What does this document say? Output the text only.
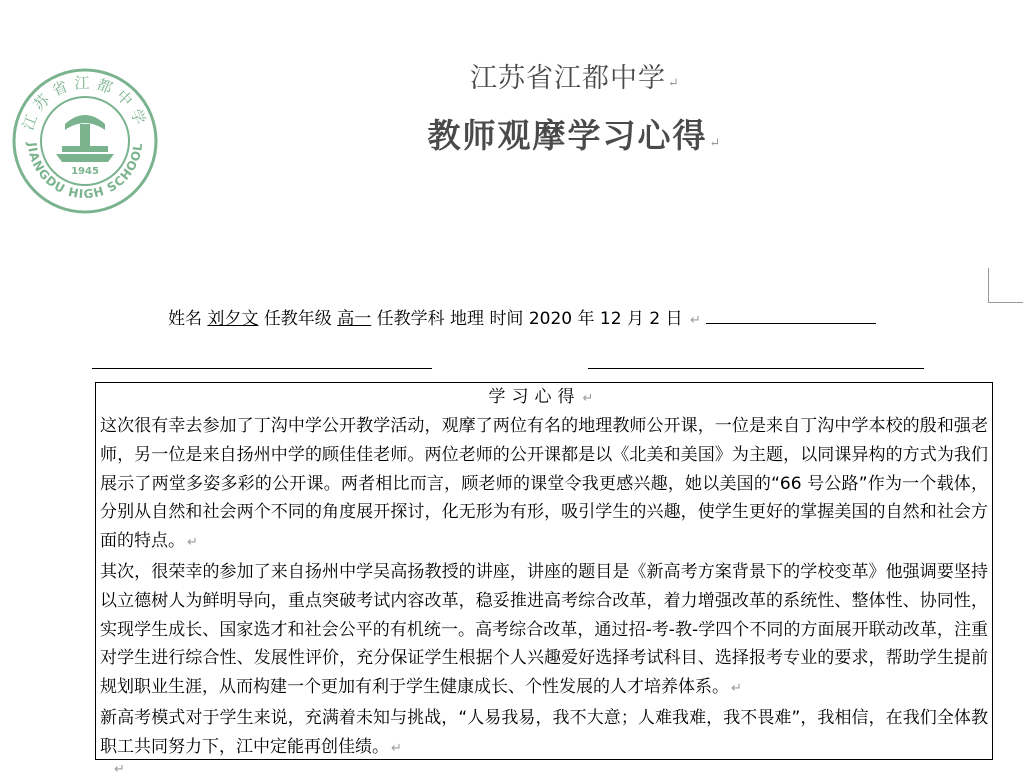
江苏省江都中学
JIANGDU HIGH SCHOOL
1945
江苏省江都中学 ↵
教师观摩学习心得 ↵
姓名 刘夕文 任教年级 高一 任教学科 地理 时间 2020 年 12 月 2 日 ↵
学习心得 ↵

这次很有幸去参加了丁沟中学公开教学活动，观摩了两位有名的地理教师公开课，一位是来自丁沟中学本校的殷和强老师，另一位是来自扬州中学的顾佳佳老师。两位老师的公开课都是以《北美和美国》为主题，以同课异构的方式为我们展示了两堂多姿多彩的公开课。两者相比而言，顾老师的课堂令我更感兴趣，她以美国的“66 号公路”作为一个载体，分别从自然和社会两个不同的角度展开探讨，化无形为有形，吸引学生的兴趣，使学生更好的掌握美国的自然和社会方面的特点。 ↵

其次，很荣幸的参加了来自扬州中学吴高扬教授的讲座，讲座的题目是《新高考方案背景下的学校变革》他强调要坚持以立德树人为鲜明导向，重点突破考试内容改革，稳妥推进高考综合改革，着力增强改革的系统性、整体性、协同性，实现学生成长、国家选才和社会公平的有机统一。高考综合改革，通过招-考-教-学四个不同的方面展开联动改革，注重对学生进行综合性、发展性评价，充分保证学生根据个人兴趣爱好选择考试科目、选择报考专业的要求，帮助学生提前规划职业生涯，从而构建一个更加有利于学生健康成长、个性发展的人才培养体系。 ↵

新高考模式对于学生来说，充满着未知与挑战，“人易我易，我不大意；人难我难，我不畏难”，我相信，在我们全体教职工共同努力下，江中定能再创佳绩。 ↵

↵
